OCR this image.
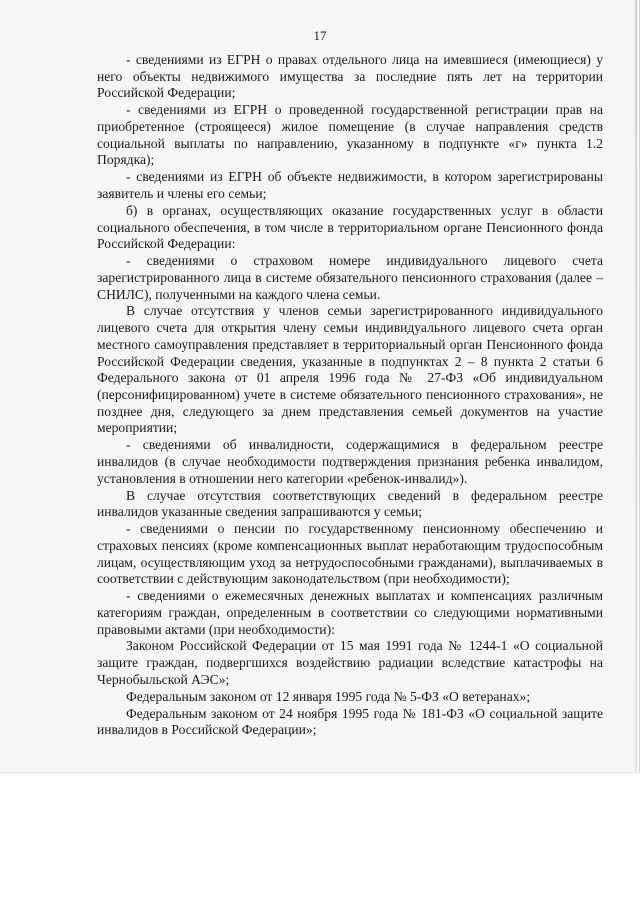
17

- сведениями из ЕГРН о правах отдельного лица на имевшиеся (имеющиеся) у него объекты недвижимого имущества за последние пять лет на территории Российской Федерации;

- сведениями из ЕГРН о проведенной государственной регистрации прав на приобретенное (строящееся) жилое помещение (в случае направления средств социальной выплаты по направлению, указанному в подпункте «г» пункта 1.2 Порядка);

- сведениями из ЕГРН об объекте недвижимости, в котором зарегистрированы заявитель и члены его семьи;

б) в органах, осуществляющих оказание государственных услуг в области социального обеспечения, в том числе в территориальном органе Пенсионного фонда Российской Федерации:

- сведениями о страховом номере индивидуального лицевого счета зарегистрированного лица в системе обязательного пенсионного страхования (далее – СНИЛС), полученными на каждого члена семьи.

В случае отсутствия у членов семьи зарегистрированного индивидуального лицевого счета для открытия члену семьи индивидуального лицевого счета орган местного самоуправления представляет в территориальный орган Пенсионного фонда Российской Федерации сведения, указанные в подпунктах 2 – 8 пункта 2 статьи 6 Федерального закона от 01 апреля 1996 года № 27-ФЗ «Об индивидуальном (персонифицированном) учете в системе обязательного пенсионного страхования», не позднее дня, следующего за днем представления семьей документов на участие мероприятии;

- сведениями об инвалидности, содержащимися в федеральном реестре инвалидов (в случае необходимости подтверждения признания ребенка инвалидом, установления в отношении него категории «ребенок-инвалид»).

В случае отсутствия соответствующих сведений в федеральном реестре инвалидов указанные сведения запрашиваются у семьи;

- сведениями о пенсии по государственному пенсионному обеспечению и страховых пенсиях (кроме компенсационных выплат неработающим трудоспособным лицам, осуществляющим уход за нетрудоспособными гражданами), выплачиваемых в соответствии с действующим законодательством (при необходимости);

- сведениями о ежемесячных денежных выплатах и компенсациях различным категориям граждан, определенным в соответствии со следующими нормативными правовыми актами (при необходимости):

Законом Российской Федерации от 15 мая 1991 года № 1244-1 «О социальной защите граждан, подвергшихся воздействию радиации вследствие катастрофы на Чернобыльской АЭС»;

Федеральным законом от 12 января 1995 года № 5-ФЗ «О ветеранах»;

Федеральным законом от 24 ноября 1995 года № 181-ФЗ «О социальной защите инвалидов в Российской Федерации»;
